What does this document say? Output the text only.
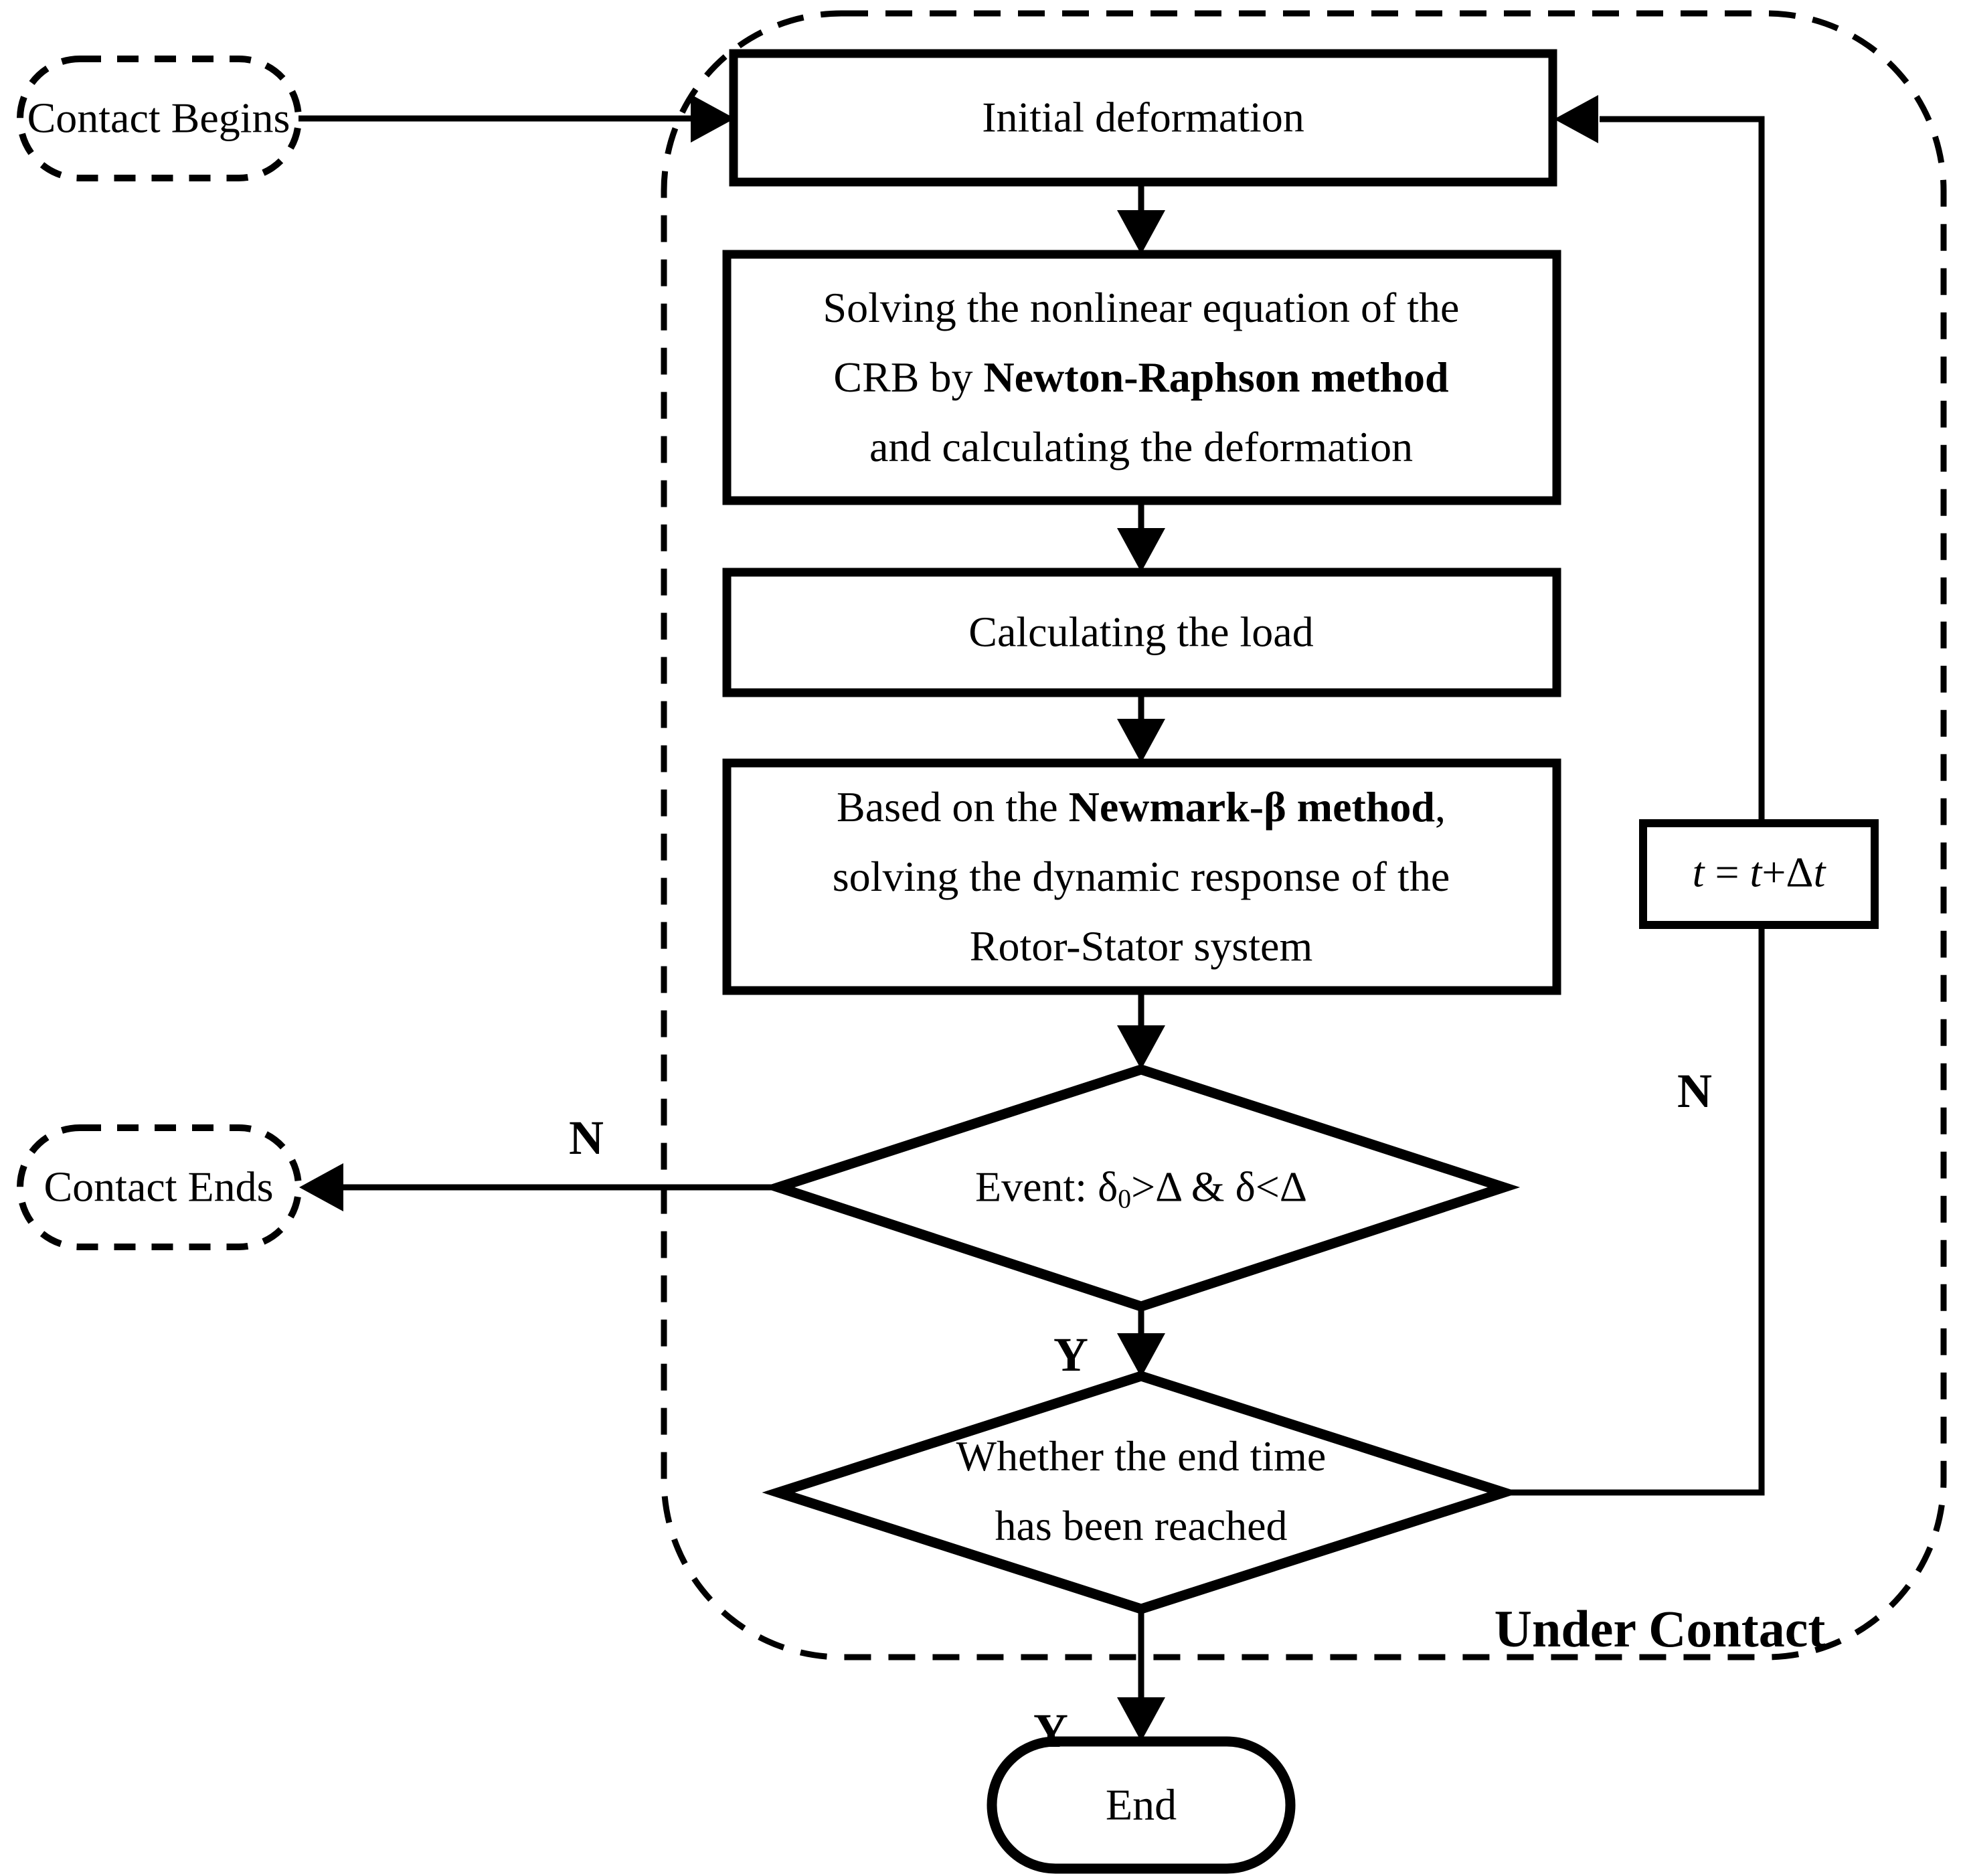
Contact Begins	Initial deformation
Solving the nonlinear equation of the
CRB by Newton-Raphson method
and calculating the deformation
Calculating the load
Based on the Newmark-β method,
solving the dynamic response of the
Rotor-Stator system
Event: $\delta_0>\Delta$ & δ<Δ
Contact Ends
Whether the end time
has been reached
t = t+Δt
End
N
N
Y
Y
Under Contact
